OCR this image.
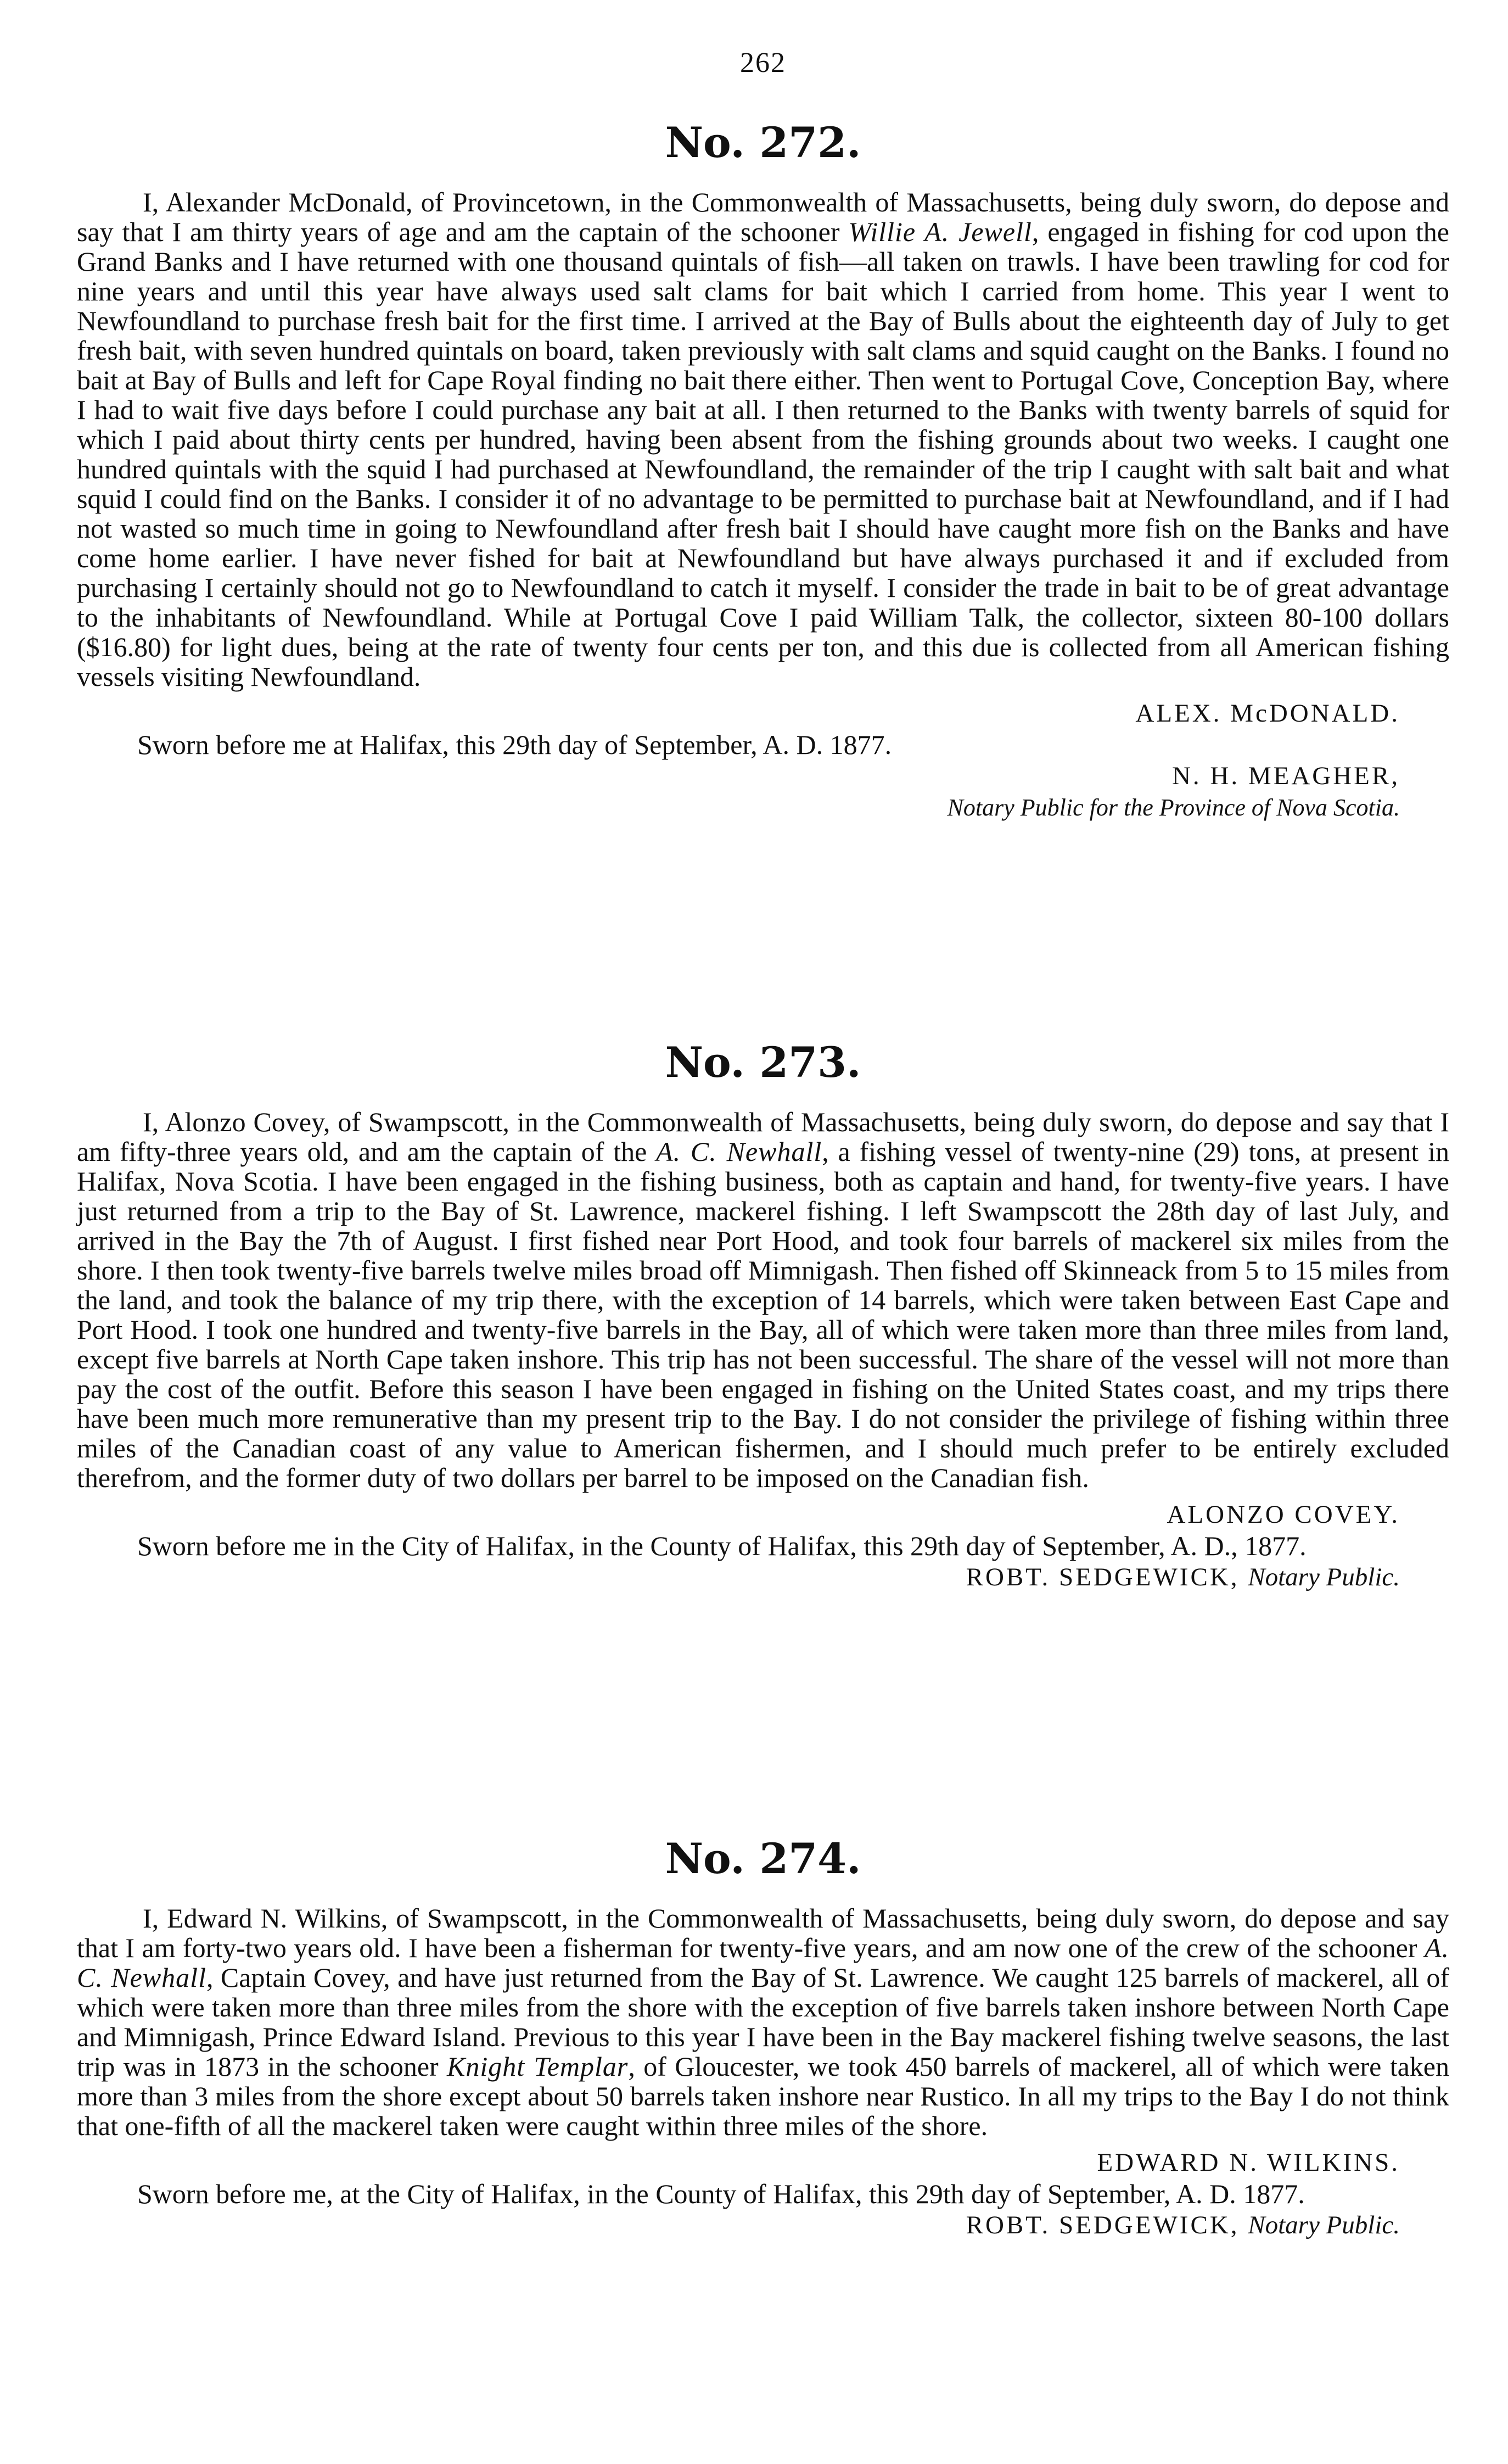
262
No. 272.

I, Alexander McDonald, of Provincetown, in the Commonwealth of Massachusetts, being duly sworn, do depose and say that I am thirty years of age and am the captain of the schooner Willie A. Jewell, engaged in fishing for cod upon the Grand Banks and I have returned with one thousand quintals of fish—all taken on trawls. I have been trawling for cod for nine years and until this year have always used salt clams for bait which I carried from home. This year I went to Newfoundland to purchase fresh bait for the first time. I arrived at the Bay of Bulls about the eighteenth day of July to get fresh bait, with seven hundred quintals on board, taken previously with salt clams and squid caught on the Banks. I found no bait at Bay of Bulls and left for Cape Royal finding no bait there either. Then went to Portugal Cove, Conception Bay, where I had to wait five days before I could purchase any bait at all. I then returned to the Banks with twenty barrels of squid for which I paid about thirty cents per hundred, having been absent from the fishing grounds about two weeks. I caught one hundred quintals with the squid I had purchased at Newfoundland, the remainder of the trip I caught with salt bait and what squid I could find on the Banks. I consider it of no advantage to be permitted to purchase bait at Newfoundland, and if I had not wasted so much time in going to Newfoundland after fresh bait I should have caught more fish on the Banks and have come home earlier. I have never fished for bait at Newfoundland but have always purchased it and if excluded from purchasing I certainly should not go to Newfoundland to catch it myself. I consider the trade in bait to be of great advantage to the inhabitants of Newfoundland. While at Portugal Cove I paid William Talk, the collector, sixteen 80-100 dollars ($16.80) for light dues, being at the rate of twenty four cents per ton, and this due is collected from all American fishing vessels visiting Newfoundland.

ALEX. McDONALD.

Sworn before me at Halifax, this 29th day of September, A. D. 1877.

N. H. MEAGHER,
Notary Public for the Province of Nova Scotia.
No. 273.

I, Alonzo Covey, of Swampscott, in the Commonwealth of Massachusetts, being duly sworn, do depose and say that I am fifty-three years old, and am the captain of the A. C. Newhall, a fishing vessel of twenty-nine (29) tons, at present in Halifax, Nova Scotia. I have been engaged in the fishing business, both as captain and hand, for twenty-five years. I have just returned from a trip to the Bay of St. Lawrence, mackerel fishing. I left Swampscott the 28th day of last July, and arrived in the Bay the 7th of August. I first fished near Port Hood, and took four barrels of mackerel six miles from the shore. I then took twenty-five barrels twelve miles broad off Mimnigash. Then fished off Skinneack from 5 to 15 miles from the land, and took the balance of my trip there, with the exception of 14 barrels, which were taken between East Cape and Port Hood. I took one hundred and twenty-five barrels in the Bay, all of which were taken more than three miles from land, except five barrels at North Cape taken inshore. This trip has not been successful. The share of the vessel will not more than pay the cost of the outfit. Before this season I have been engaged in fishing on the United States coast, and my trips there have been much more remunerative than my present trip to the Bay. I do not consider the privilege of fishing within three miles of the Canadian coast of any value to American fishermen, and I should much prefer to be entirely excluded therefrom, and the former duty of two dollars per barrel to be imposed on the Canadian fish.

ALONZO COVEY.

Sworn before me in the City of Halifax, in the County of Halifax, this 29th day of September, A. D., 1877.

ROBT. SEDGEWICK, Notary Public.
No. 274.

I, Edward N. Wilkins, of Swampscott, in the Commonwealth of Massachusetts, being duly sworn, do depose and say that I am forty-two years old. I have been a fisherman for twenty-five years, and am now one of the crew of the schooner A. C. Newhall, Captain Covey, and have just returned from the Bay of St. Lawrence. We caught 125 barrels of mackerel, all of which were taken more than three miles from the shore with the exception of five barrels taken inshore between North Cape and Mimnigash, Prince Edward Island. Previous to this year I have been in the Bay mackerel fishing twelve seasons, the last trip was in 1873 in the schooner Knight Templar, of Gloucester, we took 450 barrels of mackerel, all of which were taken more than 3 miles from the shore except about 50 barrels taken inshore near Rustico. In all my trips to the Bay I do not think that one-fifth of all the mackerel taken were caught within three miles of the shore.

EDWARD N. WILKINS.

Sworn before me, at the City of Halifax, in the County of Halifax, this 29th day of September, A. D. 1877.

ROBT. SEDGEWICK, Notary Public.
